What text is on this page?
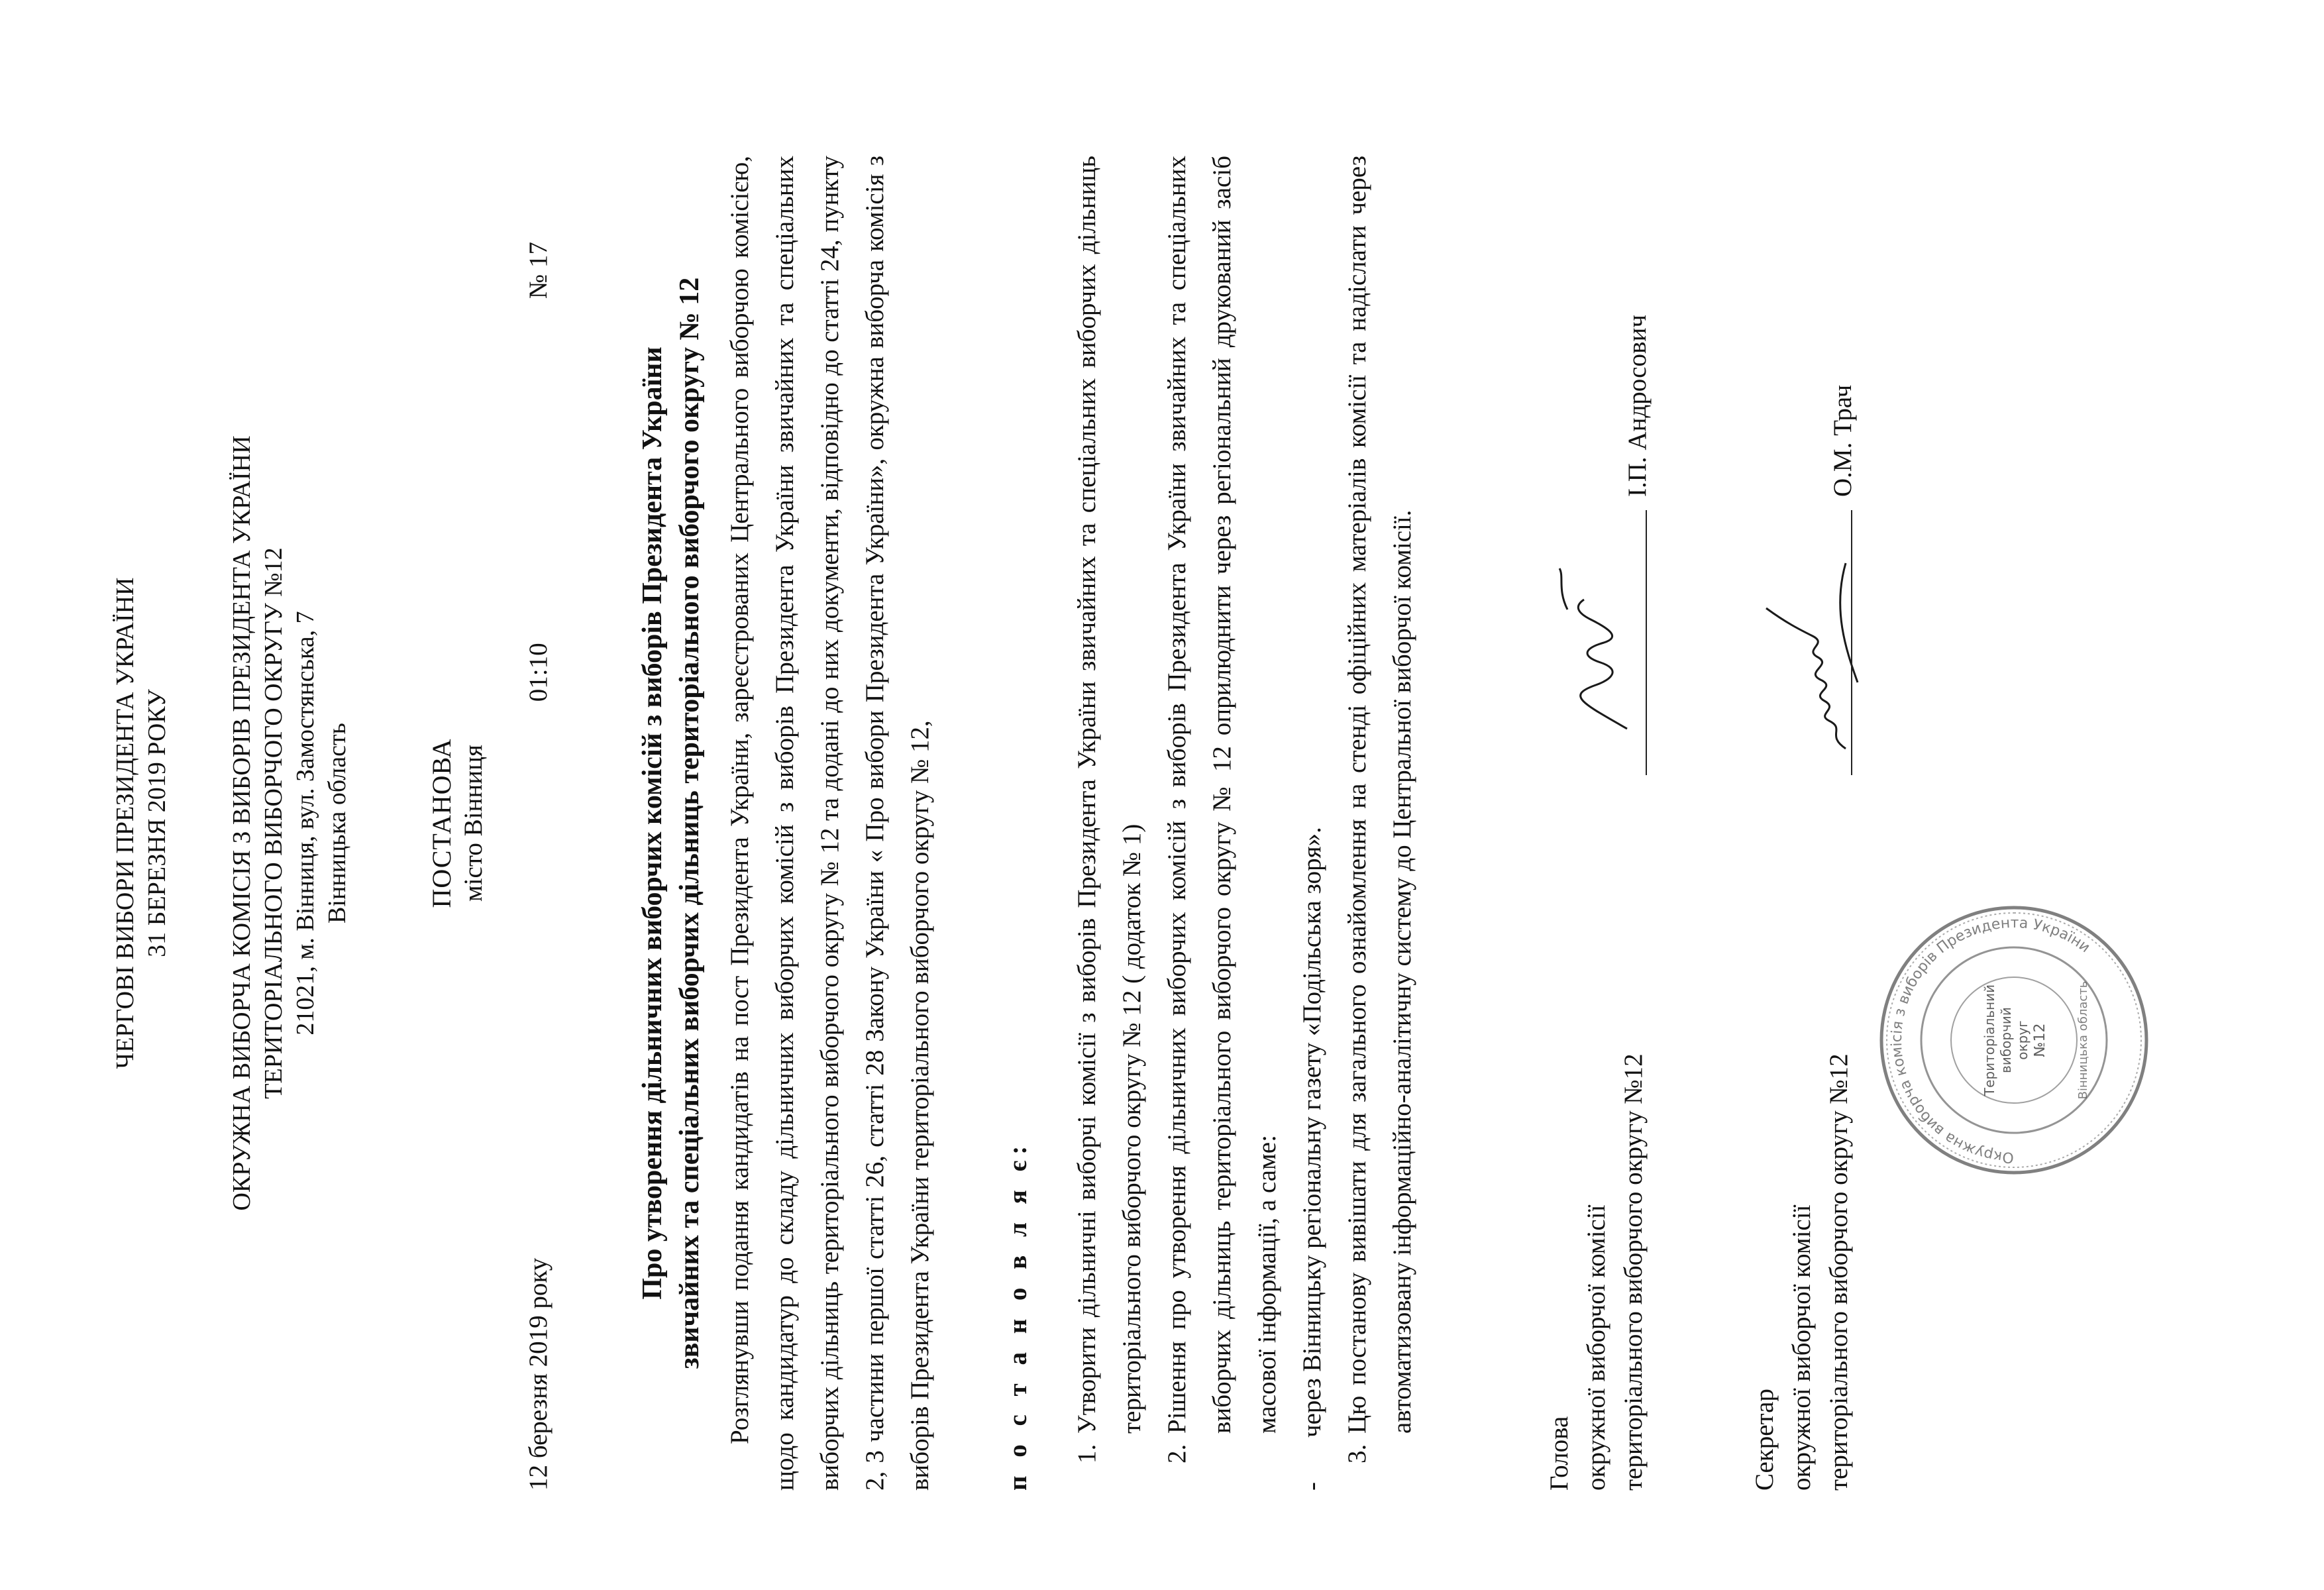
ЧЕРГОВІ ВИБОРИ ПРЕЗИДЕНТА УКРАЇНИ 31 БЕРЕЗНЯ 2019 РОКУ ОКРУЖНА ВИБОРЧА КОМІСІЯ З ВИБОРІВ ПРЕЗИДЕНТА УКРАЇНИ ТЕРИТОРІАЛЬНОГО ВИБОРЧОГО ОКРУГУ №12 21021, м. Вінниця, вул. Замостянська, 7 Вінницька область	ПОСТАНОВА місто Вінниця
12 березня 2019 року
01:10
№ 17
Про утворення дільничних виборчих комісій з виборів Президента України звичайних та спеціальних виборчих дільниць територіального виборчого округу № 12 Розглянувши подання кандидатів на пост Президента України, зареєстрованих Центрального виборчою комісією, щодо кандидатур до складу дільничних виборчих комісій з виборів Президента України звичайних та спеціальних виборчих дільниць територіального виборчого округу № 12 та додані до них документи, відповідно до статті 24, пункту 2, 3 частини першої статті 26, статті 28 Закону України « Про вибори Президента України», окружна виборча комісія з виборів Президента України територіального виборчого округу № 12,	п о с т а н о в л я є:	1. Утворити дільничні виборчі комісії з виборів Президента України звичайних та спеціальних виборчих дільниць територіального виборчого округу № 12 ( додаток № 1) 2. Рішення про утворення дільничних виборчих комісій з виборів Президента України звичайних та спеціальних виборчих дільниць територіального виборчого округу № 12 оприлюднити через регіональний друкований засіб масової інформації, а саме:
-
через Вінницьку регіональну газету «Подільська зоря». 3. Цю постанову вивішати для загального ознайомлення на стенді офіційних матеріалів комісії та надіслати через автоматизовану інформаційно-аналітичну систему до Центральної виборчої комісії.
Голова окружної виборчої комісії територіального виборчого округу №12
І.П. Андросович
Секретар окружної виборчої комісії територіального виборчого округу №12
О.М. Трач
Окружна виборча комісія з виборів Президента України
Територіальний виборчий округ №12 Вінницька область
